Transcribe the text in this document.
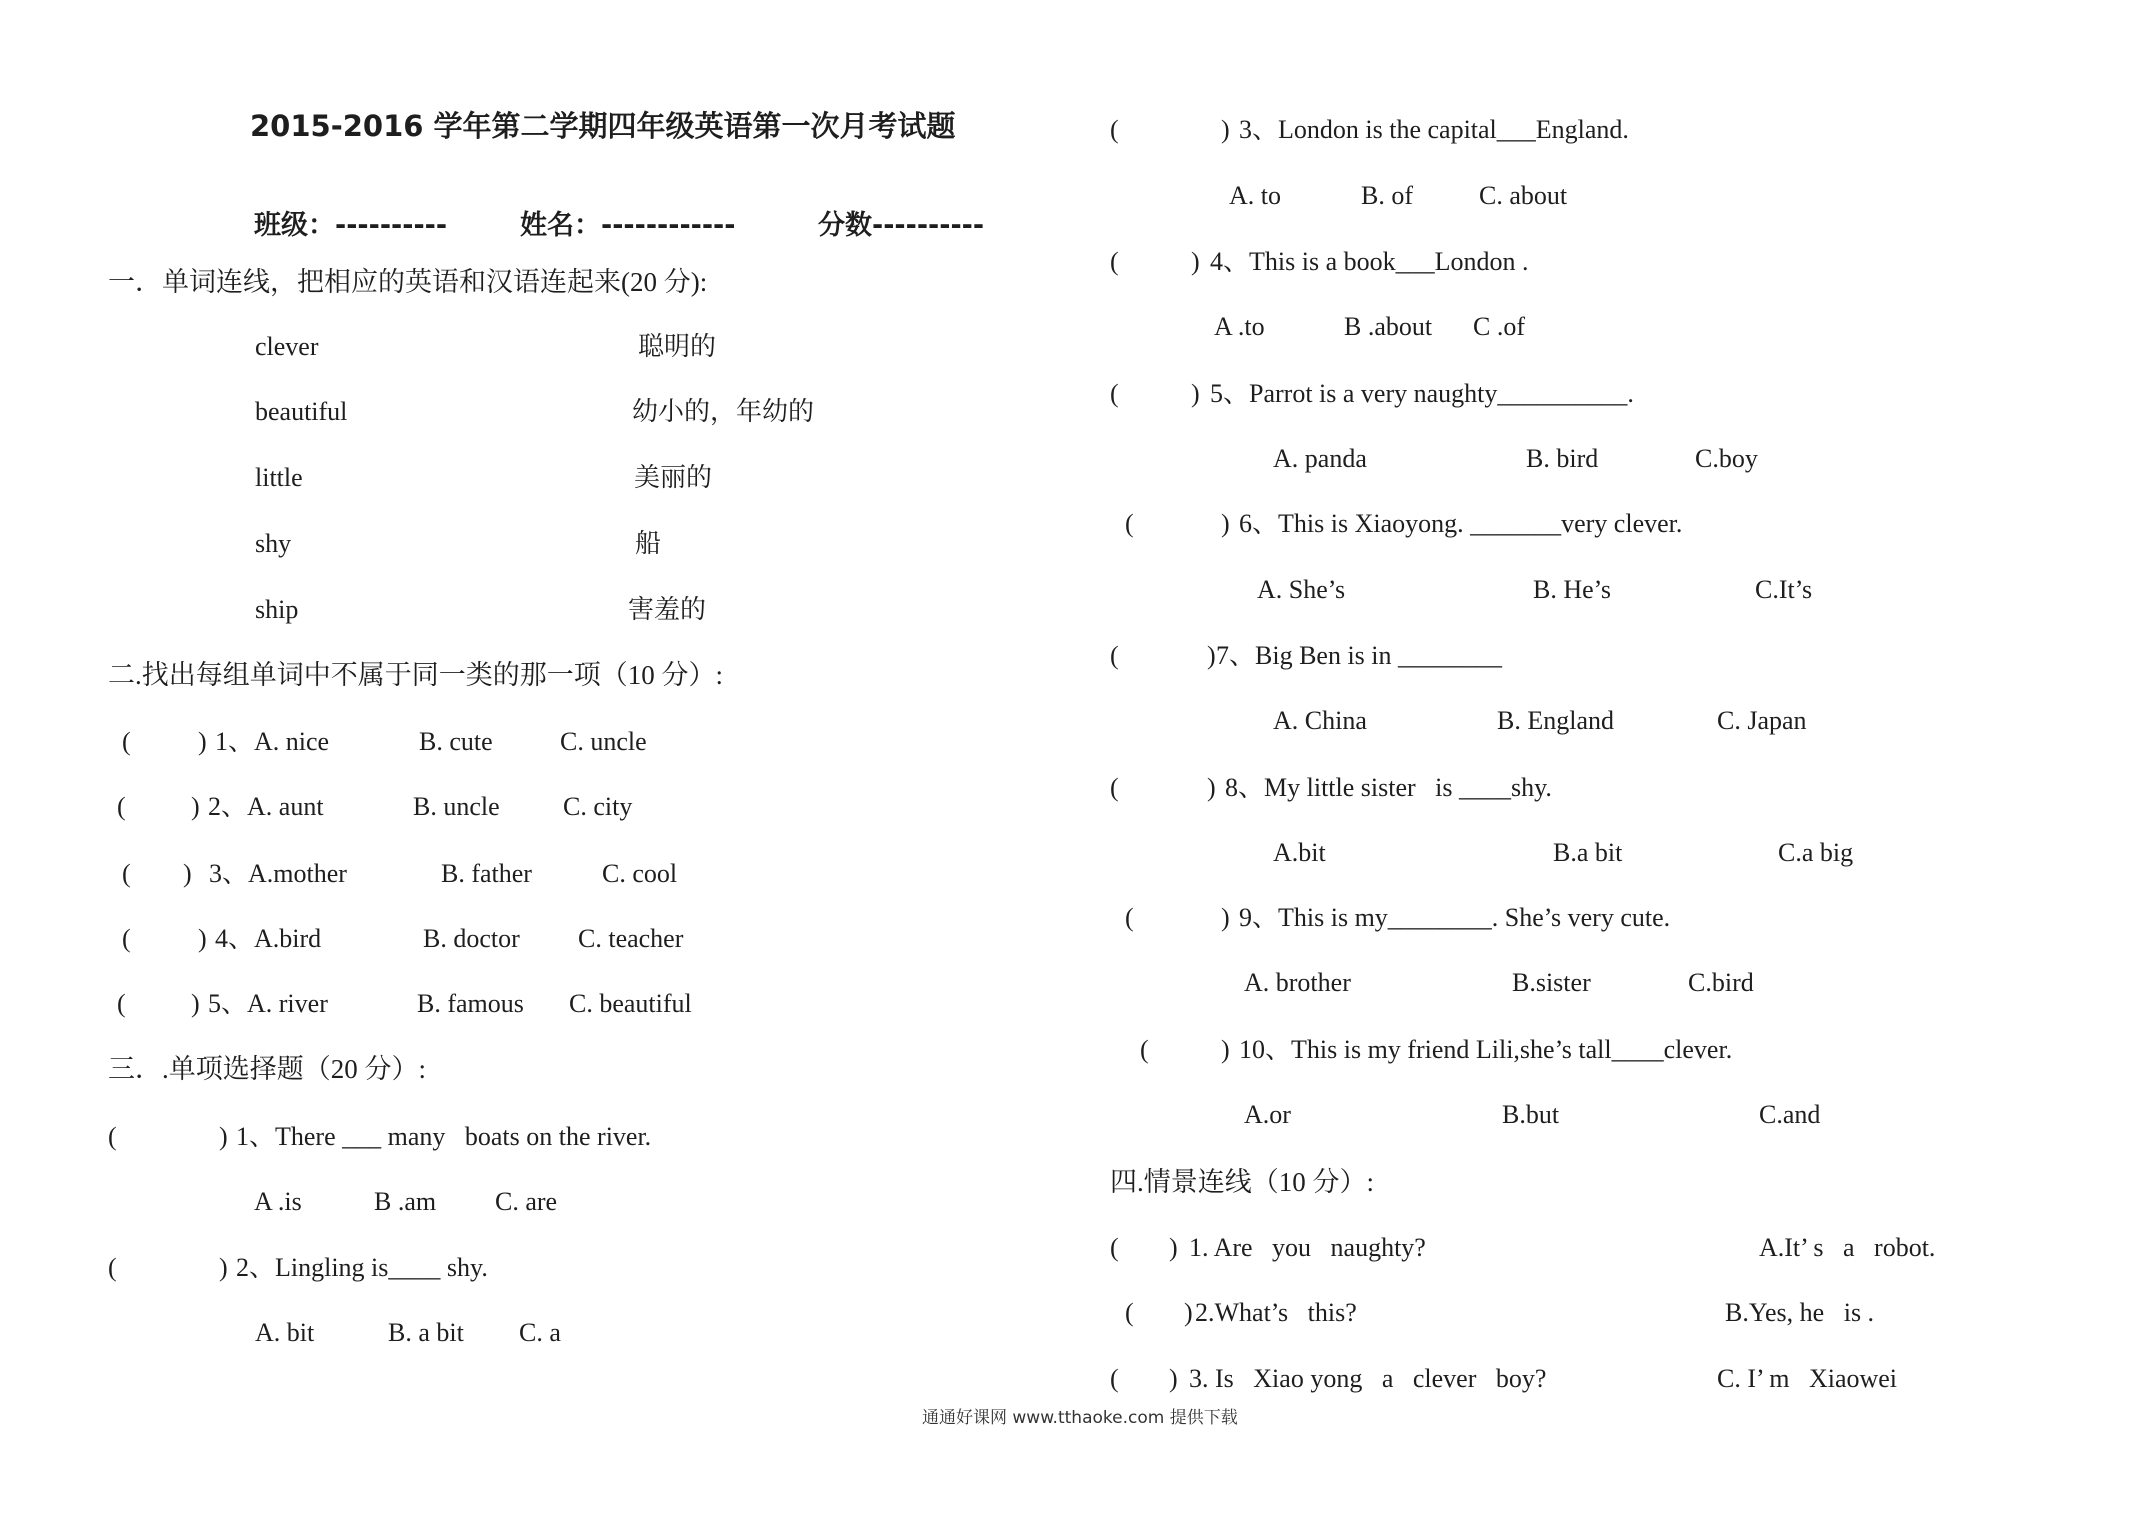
2015-2016 学年第二学期四年级英语第一次月考试题
班级：----------	姓名：------------	分数----------
一．单词连线，把相应的英语和汉语连起来(20 分):
clever	聪明的
beautiful	幼小的，年幼的
little	美丽的
shy	船
ship	害羞的
二.找出每组单词中不属于同一类的那一项（10 分）:
(	) 1、A. nice	B. cute	C. uncle
(	) 2、A. aunt	B. uncle C. city
( ) 3、A.mother	B. father	C. cool
(	) 4、A.bird	B. doctor C. teacher
(	) 5、A. river	B. famous C. beautiful
三．.单项选择题（20 分）:
(	) 1、There ___ many   boats on the river.
A .is	B .am C. are
(	) 2、Lingling is____ shy.
A. bit	B. a bit C. a
(	) 3、London is the capital___England.
A. to	B. of	C. about
(	) 4、This is a book___London .
A .to	B .about C .of
(	) 5、Parrot is a very naughty__________.
A. panda	B. bird	C.boy
(	) 6、This is Xiaoyong. _______very clever.
A. She’s	B. He’s	C.It’s
(	) 7、Big Ben is in ________
A. China	B. England	C. Japan
(	) 8、My little sister   is ____shy.
A.bit	B.a bit	C.a big
(	) 9、This is my________. She’s very cute.
A. brother	B.sister	C.bird
(	) 10、This is my friend Lili,she’s tall____clever.
A.or	B.but	C.and
四.情景连线（10 分）:
( ) 1. Are   you   naughty?	A.It’ s   a   robot.
( ) 2.What’s   this?	B.Yes, he   is .
( ) 3. Is   Xiao yong   a   clever   boy?	C. I’ m   Xiaowei
通通好课网 www.tthaoke.com 提供下载
